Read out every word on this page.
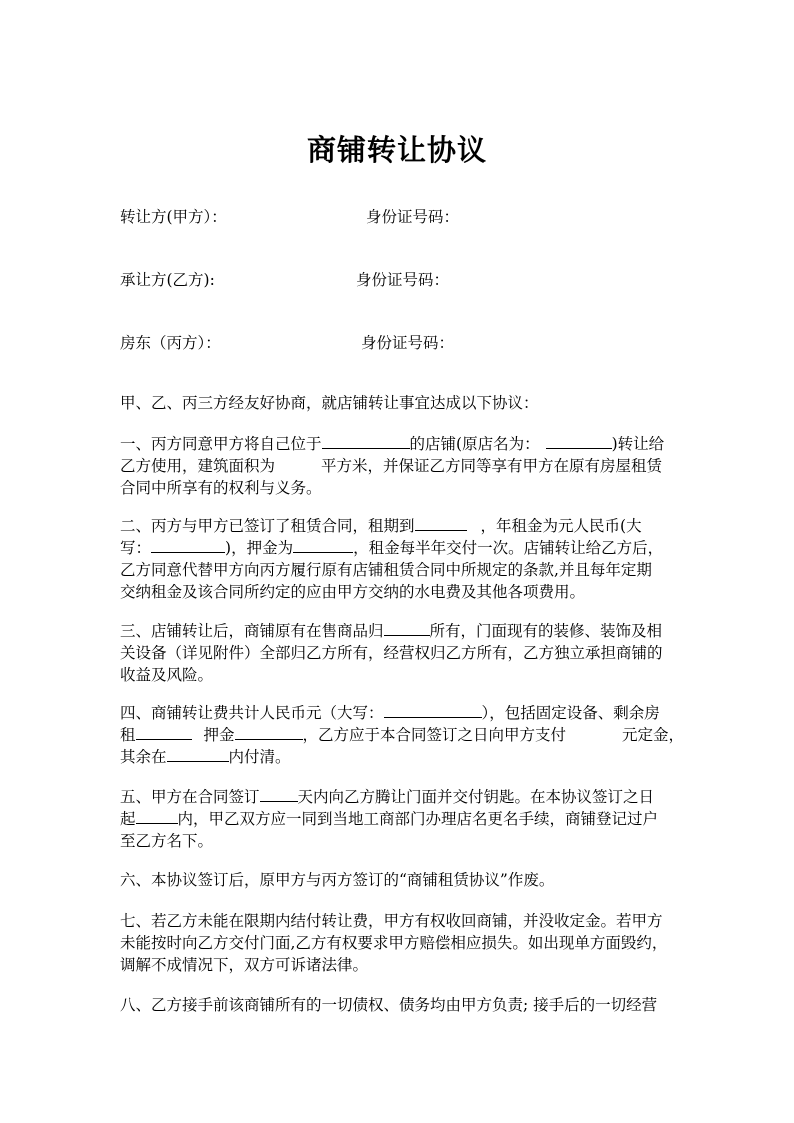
商铺转让协议
转让方(甲方）：	身份证号码：
承让方(乙方):	身份证号码：
房东（丙方）：	身份证号码：
甲、乙、丙三方经友好协商，就店铺转让事宜达成以下协议：
一、丙方同意甲方将自己位于	的店铺(原店名为：	)转让给
乙方使用，建筑面积为	平方米，并保证乙方同等享有甲方在原有房屋租赁
合同中所享有的权利与义务。
二、丙方与甲方已签订了租赁合同，租期到	，年租金为元人民币(大
写：	)，押金为	，租金每半年交付一次。店铺转让给乙方后，
乙方同意代替甲方向丙方履行原有店铺租赁合同中所规定的条款,并且每年定期
交纳租金及该合同所约定的应由甲方交纳的水电费及其他各项费用。
三、店铺转让后，商铺原有在售商品归	所有，门面现有的装修、装饰及相
关设备（详见附件）全部归乙方所有，经营权归乙方所有，乙方独立承担商铺的
收益及风险。
四、商铺转让费共计人民币元（大写：	），包括固定设备、剩余房
租	押金	，乙方应于本合同签订之日向甲方支付	元定金，
其余在	内付清。
五、甲方在合同签订 天内向乙方腾让门面并交付钥匙。在本协议签订之日
起	内，甲乙双方应一同到当地工商部门办理店名更名手续，商铺登记过户
至乙方名下。
六、本协议签订后，原甲方与丙方签订的“商铺租赁协议”作废。
七、若乙方未能在限期内结付转让费，甲方有权收回商铺，并没收定金。若甲方
未能按时向乙方交付门面,乙方有权要求甲方赔偿相应损失。如出现单方面毁约，
调解不成情况下，双方可诉诸法律。
八、乙方接手前该商铺所有的一切债权、债务均由甲方负责; 接手后的一切经营
